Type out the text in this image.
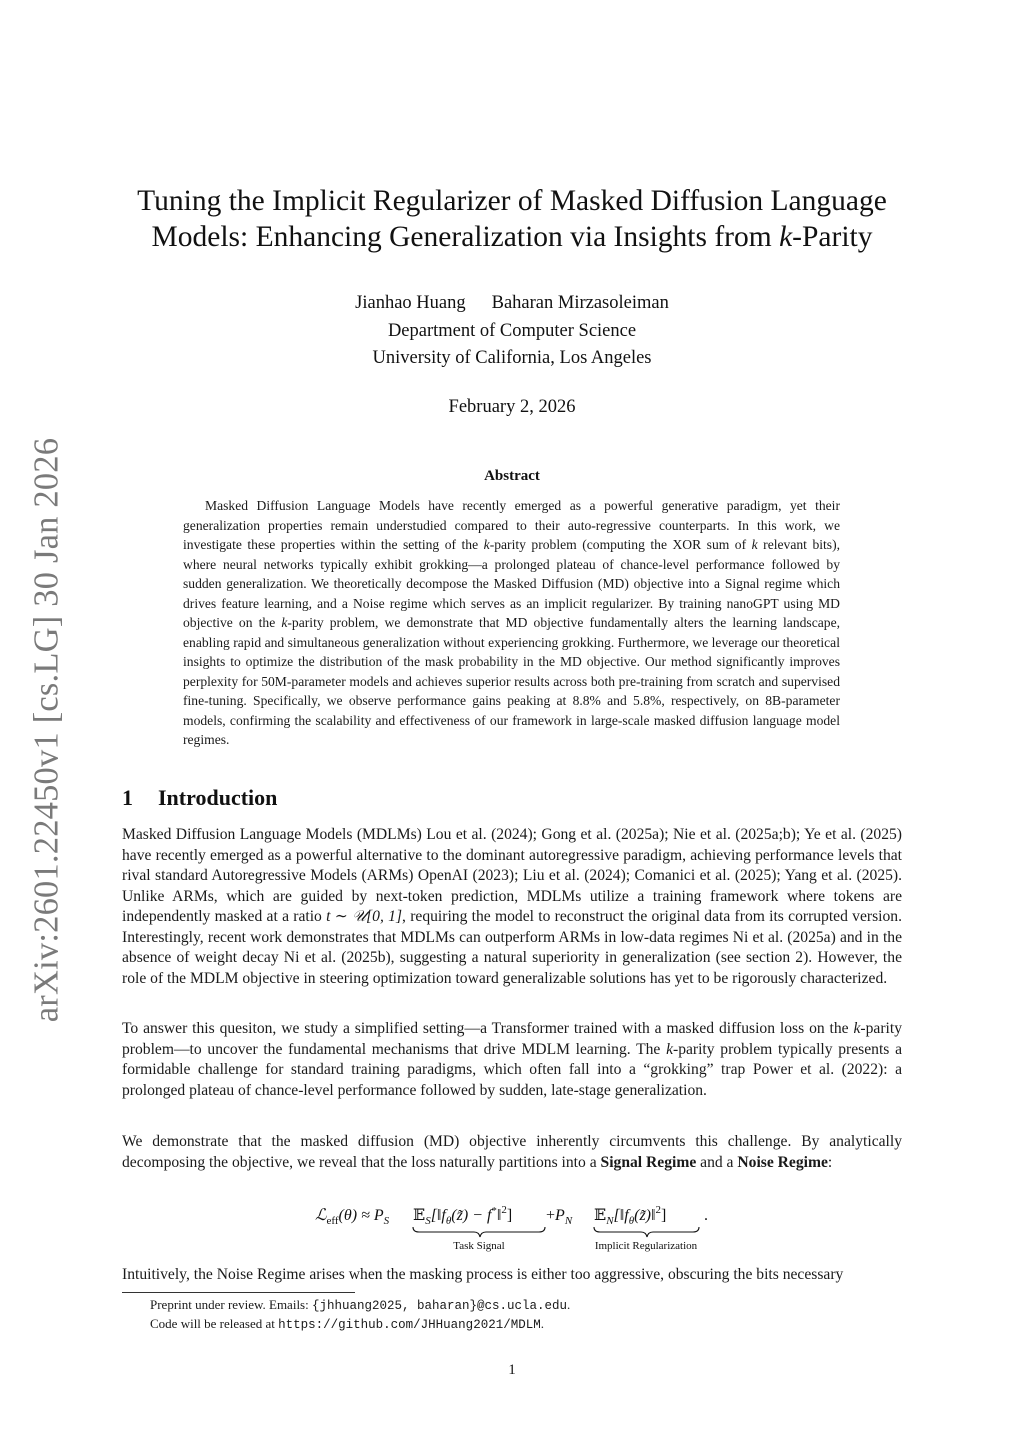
arXiv:2601.22450v1 [cs.LG] 30 Jan 2026
Tuning the Implicit Regularizer of Masked Diffusion Language
Models: Enhancing Generalization via Insights from k-Parity
Jianhao Huang Baharan Mirzasoleiman
Department of Computer Science
University of California, Los Angeles
February 2, 2026
Abstract
Masked Diffusion Language Models have recently emerged as a powerful generative paradigm, yet their generalization properties remain understudied compared to their auto-regressive counterparts. In this work, we investigate these properties within the setting of the k-parity problem (computing the XOR sum of k relevant bits), where neural networks typically exhibit grokking—a prolonged plateau of chance-level performance followed by sudden generalization. We theoretically decompose the Masked Diffusion (MD) objective into a Signal regime which drives feature learning, and a Noise regime which serves as an implicit regularizer. By training nanoGPT using MD objective on the k-parity problem, we demonstrate that MD objective fundamentally alters the learning landscape, enabling rapid and simultaneous generalization without experiencing grokking. Furthermore, we leverage our theoretical insights to optimize the distribution of the mask probability in the MD objective. Our method significantly improves perplexity for 50M-parameter models and achieves superior results across both pre-training from scratch and supervised fine-tuning. Specifically, we observe performance gains peaking at 8.8% and 5.8%, respectively, on 8B-parameter models, confirming the scalability and effectiveness of our framework in large-scale masked diffusion language model regimes.
1 Introduction
Masked Diffusion Language Models (MDLMs) Lou et al. (2024); Gong et al. (2025a); Nie et al. (2025a;b); Ye et al. (2025) have recently emerged as a powerful alternative to the dominant autoregressive paradigm, achieving performance levels that rival standard Autoregressive Models (ARMs) OpenAI (2023); Liu et al. (2024); Comanici et al. (2025); Yang et al. (2025). Unlike ARMs, which are guided by next-token prediction, MDLMs utilize a training framework where tokens are independently masked at a ratio t ∼ 𝒰[0, 1], requiring the model to reconstruct the original data from its corrupted version. Interestingly, recent work demonstrates that MDLMs can outperform ARMs in low-data regimes Ni et al. (2025a) and in the absence of weight decay Ni et al. (2025b), suggesting a natural superiority in generalization (see section 2). However, the role of the MDLM objective in steering optimization toward generalizable solutions has yet to be rigorously characterized.
To answer this quesiton, we study a simplified setting—a Transformer trained with a masked diffusion loss on the k-parity problem—to uncover the fundamental mechanisms that drive MDLM learning. The k-parity problem typically presents a formidable challenge for standard training paradigms, which often fall into a “grokking” trap Power et al. (2022): a prolonged plateau of chance-level performance followed by sudden, late-stage generalization.
We demonstrate that the masked diffusion (MD) objective inherently circumvents this challenge. By analytically decomposing the objective, we reveal that the loss naturally partitions into a Signal Regime and a Noise Regime:
ℒ$_{eff}$(θ) ≈ $P_S$ $𝔼_S[‖f_\theta(z̃)$ − f*‖$^2$] $+P_N$ $𝔼_N[‖f_\theta(z̃)‖^2]$ .
Task Signal	Implicit Regularization
Intuitively, the Noise Regime arises when the masking process is either too aggressive, obscuring the bits necessary
Preprint under review. Emails: {jhhuang2025, baharan}@cs.ucla.edu.
Code will be released at https://github.com/JHHuang2021/MDLM.
1
